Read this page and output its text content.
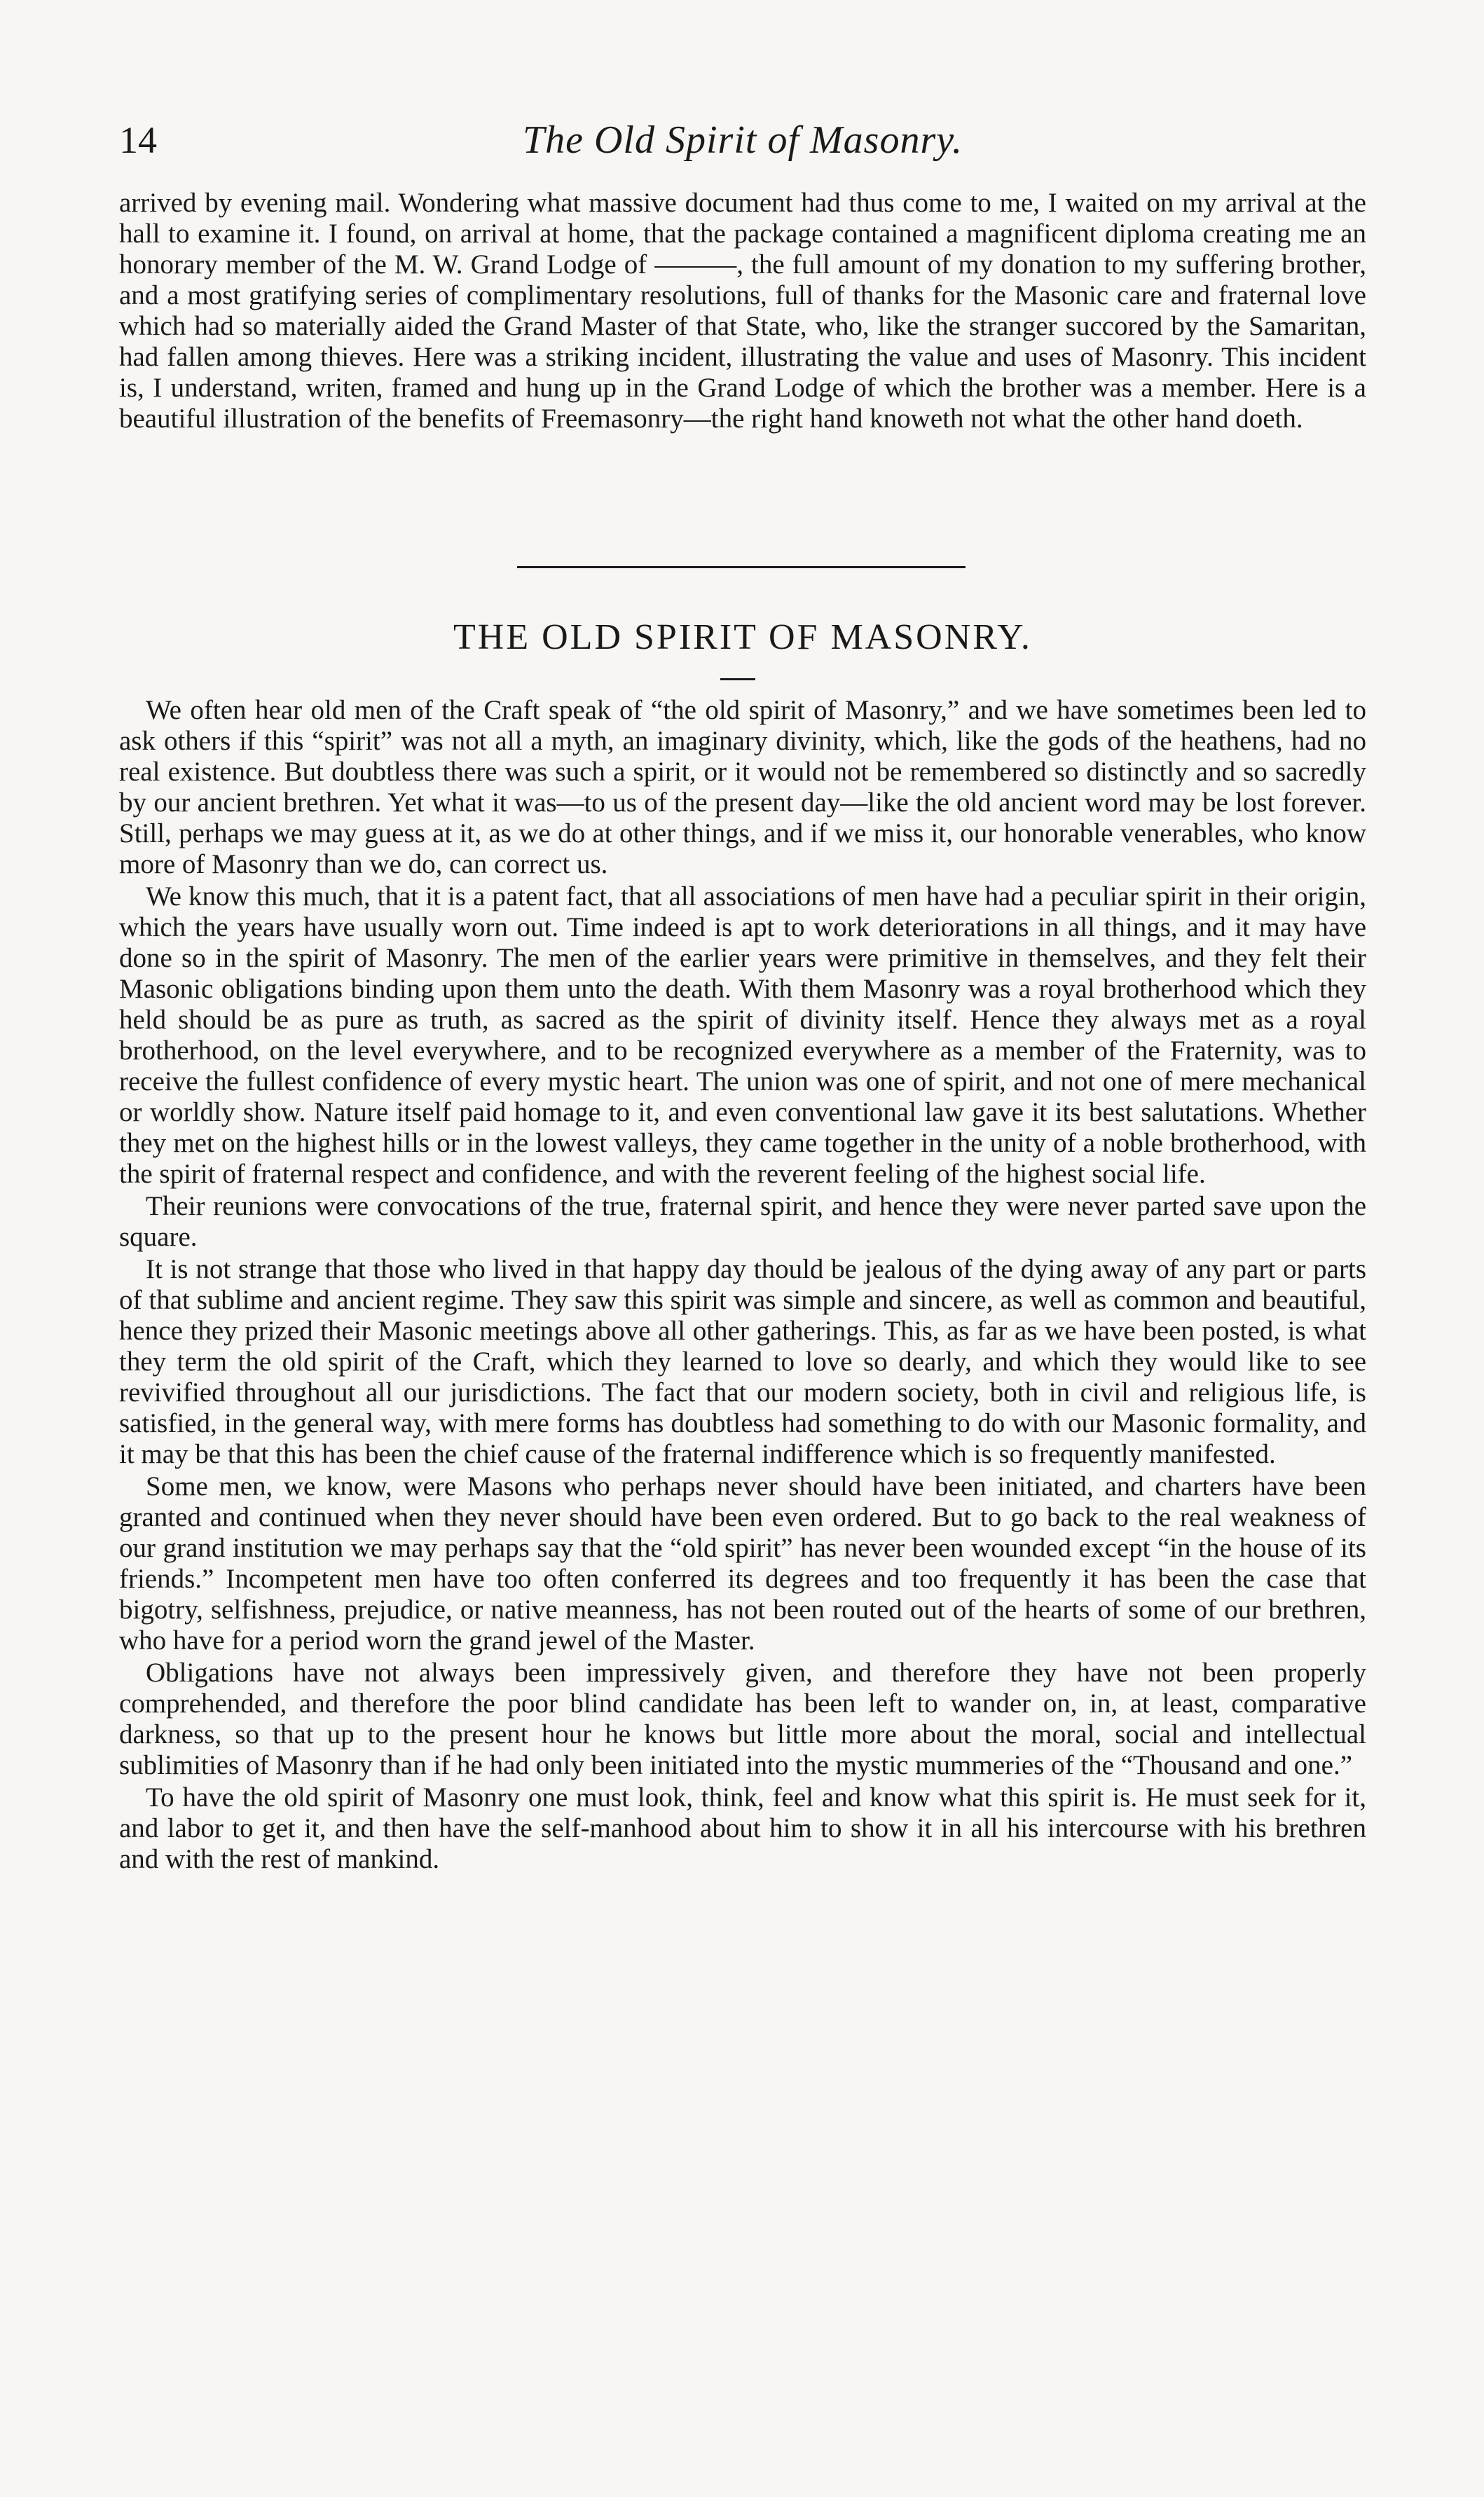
14	The Old Spirit of Masonry.

arrived by evening mail. Wondering what massive document had thus come to me, I waited on my arrival at the hall to examine it. I found, on arrival at home, that the package contained a magnificent diploma creating me an honorary member of the M. W. Grand Lodge of ———, the full amount of my donation to my suffering brother, and a most gratifying series of complimentary resolutions, full of thanks for the Masonic care and fraternal love which had so materially aided the Grand Master of that State, who, like the stranger succored by the Samaritan, had fallen among thieves. Here was a striking incident, illustrating the value and uses of Masonry. This incident is, I understand, writen, framed and hung up in the Grand Lodge of which the brother was a member. Here is a beautiful illustration of the benefits of Freemasonry—the right hand knoweth not what the other hand doeth.

THE OLD SPIRIT OF MASONRY.

We often hear old men of the Craft speak of “the old spirit of Masonry,” and we have sometimes been led to ask others if this “spirit” was not all a myth, an imaginary divinity, which, like the gods of the heathens, had no real existence. But doubtless there was such a spirit, or it would not be remembered so distinctly and so sacredly by our ancient brethren. Yet what it was—to us of the present day—like the old ancient word may be lost forever. Still, perhaps we may guess at it, as we do at other things, and if we miss it, our honorable venerables, who know more of Masonry than we do, can correct us.

We know this much, that it is a patent fact, that all associations of men have had a peculiar spirit in their origin, which the years have usually worn out. Time indeed is apt to work deteriorations in all things, and it may have done so in the spirit of Masonry. The men of the earlier years were primitive in themselves, and they felt their Masonic obligations binding upon them unto the death. With them Masonry was a royal brotherhood which they held should be as pure as truth, as sacred as the spirit of divinity itself. Hence they always met as a royal brotherhood, on the level everywhere, and to be recognized everywhere as a member of the Fraternity, was to receive the fullest confidence of every mystic heart. The union was one of spirit, and not one of mere mechanical or worldly show. Nature itself paid homage to it, and even conventional law gave it its best salutations. Whether they met on the highest hills or in the lowest valleys, they came together in the unity of a noble brotherhood, with the spirit of fraternal respect and confidence, and with the reverent feeling of the highest social life.

Their reunions were convocations of the true, fraternal spirit, and hence they were never parted save upon the square.

It is not strange that those who lived in that happy day thould be jealous of the dying away of any part or parts of that sublime and ancient regime. They saw this spirit was simple and sincere, as well as common and beautiful, hence they prized their Masonic meetings above all other gatherings. This, as far as we have been posted, is what they term the old spirit of the Craft, which they learned to love so dearly, and which they would like to see revivified throughout all our jurisdictions. The fact that our modern society, both in civil and religious life, is satisfied, in the general way, with mere forms has doubtless had something to do with our Masonic formality, and it may be that this has been the chief cause of the fraternal indifference which is so frequently manifested.

Some men, we know, were Masons who perhaps never should have been initiated, and charters have been granted and continued when they never should have been even ordered. But to go back to the real weakness of our grand institution we may perhaps say that the “old spirit” has never been wounded except “in the house of its friends.” Incompetent men have too often conferred its degrees and too frequently it has been the case that bigotry, selfishness, prejudice, or native meanness, has not been routed out of the hearts of some of our brethren, who have for a period worn the grand jewel of the Master.

Obligations have not always been impressively given, and therefore they have not been properly comprehended, and therefore the poor blind candidate has been left to wander on, in, at least, comparative darkness, so that up to the present hour he knows but little more about the moral, social and intellectual sublimities of Masonry than if he had only been initiated into the mystic mummeries of the “Thousand and one.”

To have the old spirit of Masonry one must look, think, feel and know what this spirit is. He must seek for it, and labor to get it, and then have the self-manhood about him to show it in all his intercourse with his brethren and with the rest of mankind.
